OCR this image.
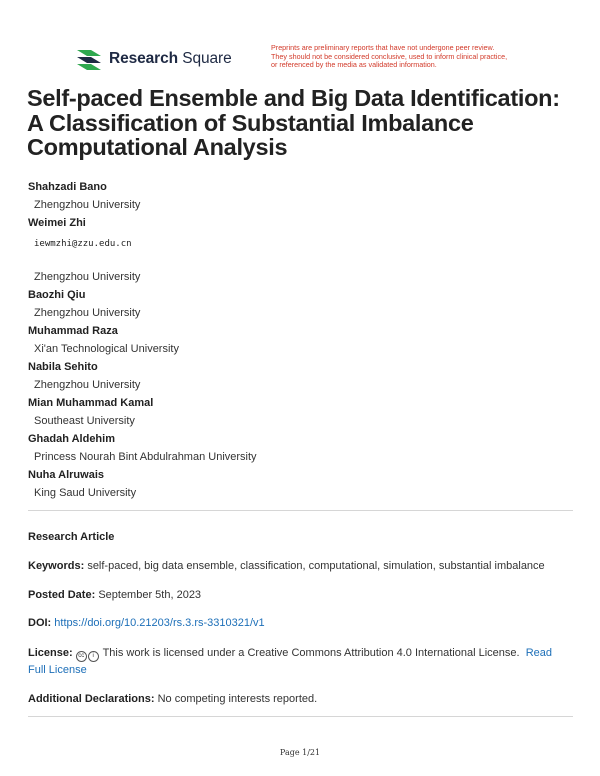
Research Square
Preprints are preliminary reports that have not undergone peer review.
They should not be considered conclusive, used to inform clinical practice,
or referenced by the media as validated information.
Self-paced Ensemble and Big Data Identification: A Classification of Substantial Imbalance Computational Analysis
Shahzadi Bano
Zhengzhou University
Weimei Zhi
iewmzhi@zzu.edu.cn
Zhengzhou University
Baozhi Qiu
Zhengzhou University
Muhammad Raza
Xi'an Technological University
Nabila Sehito
Zhengzhou University
Mian Muhammad Kamal
Southeast University
Ghadah Aldehim
Princess Nourah Bint Abdulrahman University
Nuha Alruwais
King Saud University
Research Article
Keywords: self-paced, big data ensemble, classification, computational, simulation, substantial imbalance
Posted Date: September 5th, 2023
DOI: https://doi.org/10.21203/rs.3.rs-3310321/v1
License: cc i This work is licensed under a Creative Commons Attribution 4.0 International License. Read
Full License
Additional Declarations: No competing interests reported.
Page 1/21
